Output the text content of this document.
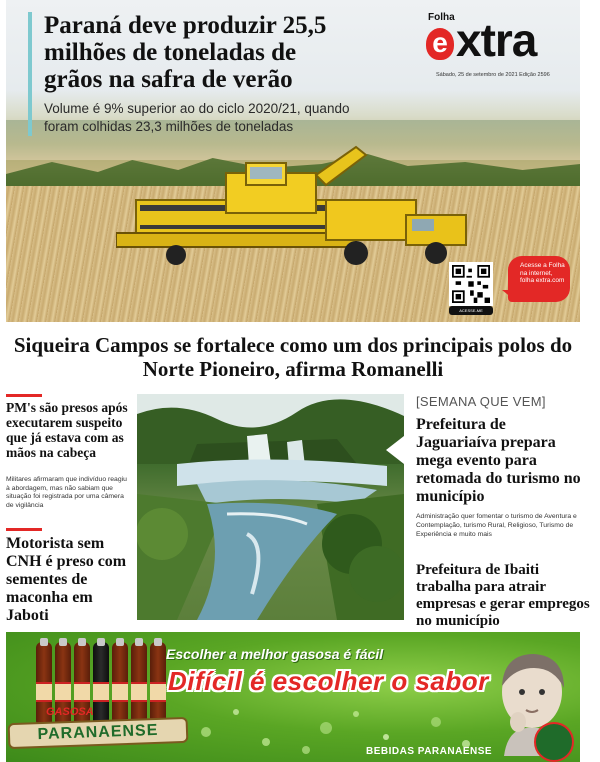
Paraná deve produzir 25,5 milhões de toneladas de grãos na safra de verão
Volume é 9% superior ao do ciclo 2020/21, quando foram colhidas 23,3 milhões de toneladas
Folha
e xtra
Sábado, 25 de setembro de 2021 Edição 2596
ACESSE-ME
Acesse a Folha na internet, folha extra.com
Siqueira Campos se fortalece como um dos principais polos do Norte Pioneiro, afirma Romanelli
PM's são presos após executarem suspeito que já estava com as mãos na cabeça
Militares afirmaram que indivíduo reagiu à abordagem, mas não sabiam que situação foi registrada por uma câmera de vigilância
Motorista sem CNH é preso com sementes de maconha em Jaboti
[SEMANA QUE VEM]
Prefeitura de Jaguariaíva prepara mega evento para retomada do turismo no município
Administração quer fomentar o turismo de Aventura e Contemplação, turismo Rural, Religioso, Turismo de Experiência e muito mais
Prefeitura de Ibaiti trabalha para atrair empresas e gerar empregos no município
GASOSA
PARANAENSE
Escolher a melhor gasosa é fácil
Difícil é escolher o sabor
BEBIDAS PARANAENSE
